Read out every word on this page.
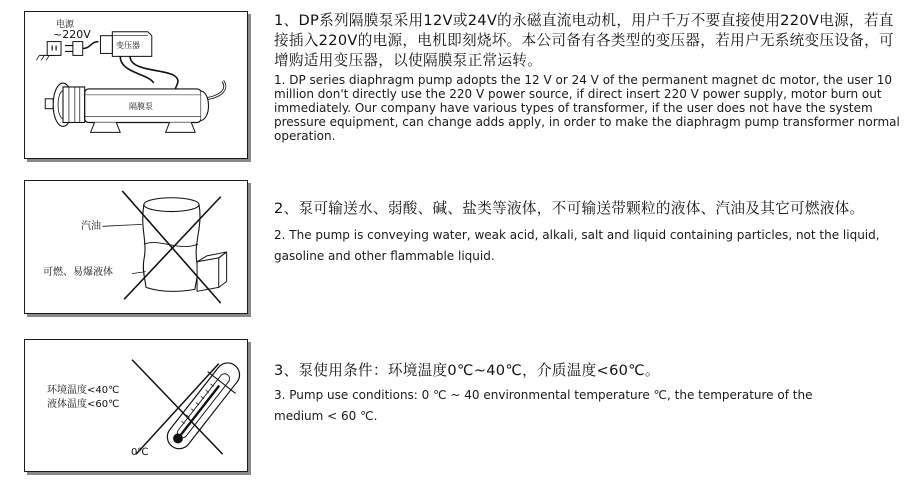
电源
~220V
变压器
隔膜泵
汽油
可燃、易爆液体
环境温度<40℃
液体温度<60℃
0℃

1、DP系列隔膜泵采用12V或24V的永磁直流电动机，用户千万不要直接使用220V电源，若直接插入220V的电源，电机即刻烧坏。本公司备有各类型的变压器，若用户无系统变压设备，可增购适用变压器，以使隔膜泵正常运转。

1. DP series diaphragm pump adopts the 12 V or 24 V of the permanent magnet dc motor, the user 10 million don't directly use the 220 V power source, if direct insert 220 V power supply, motor burn out immediately. Our company have various types of transformer, if the user does not have the system pressure equipment, can change adds apply, in order to make the diaphragm pump transformer normal operation.

2、泵可输送水、弱酸、碱、盐类等液体，不可输送带颗粒的液体、汽油及其它可燃液体。

2. The pump is conveying water, weak acid, alkali, salt and liquid containing particles, not the liquid, gasoline and other flammable liquid.

3、泵使用条件：环境温度0℃~40℃，介质温度<60℃。

3. Pump use conditions: 0 ℃ ~ 40 environmental temperature ℃, the temperature of the medium < 60 ℃.
